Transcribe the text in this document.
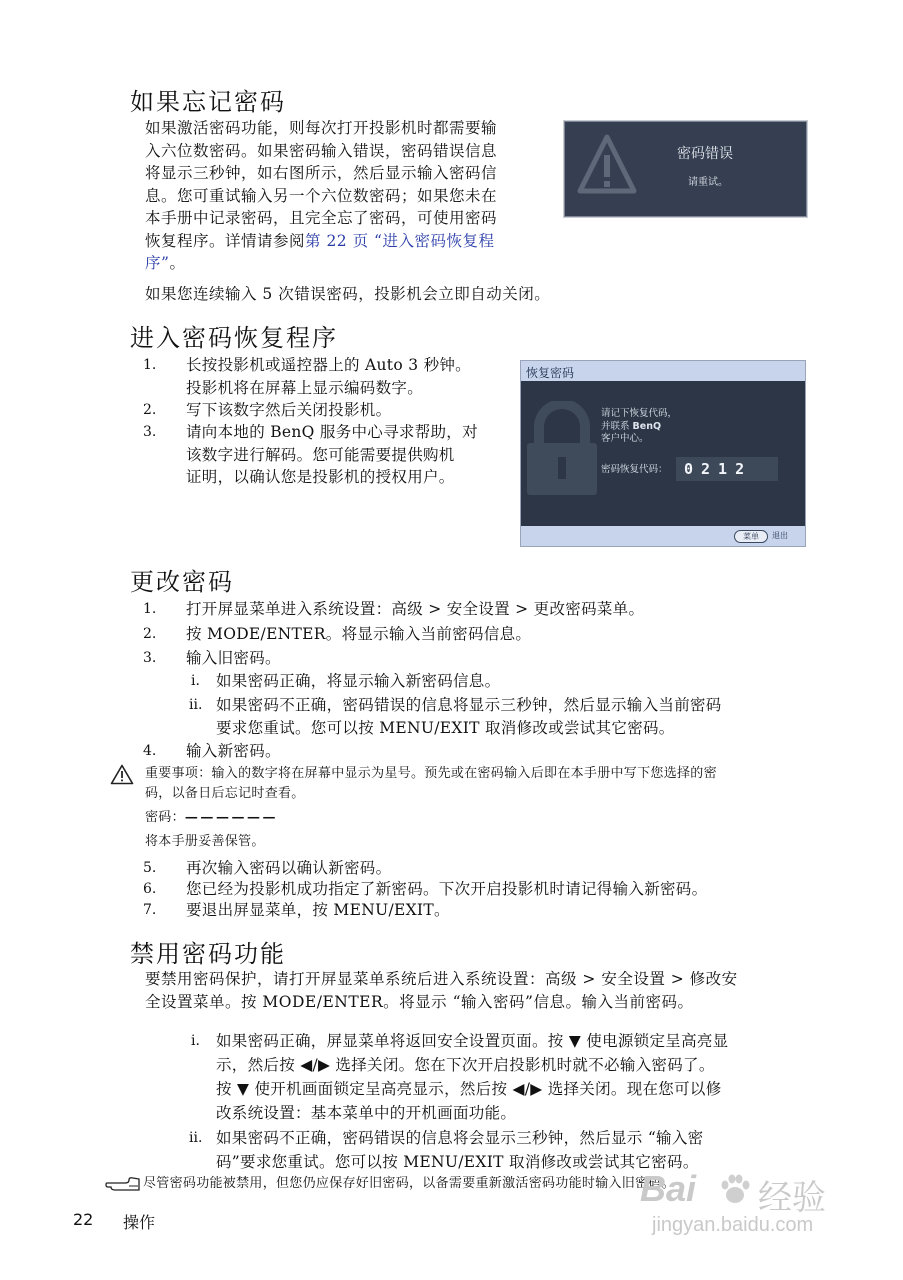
如果忘记密码

如果激活密码功能，则每次打开投影机时都需要输

入六位数密码。如果密码输入错误，密码错误信息

将显示三秒钟，如右图所示，然后显示输入密码信

息。您可重试输入另一个六位数密码；如果您未在

本手册中记录密码，且完全忘了密码，可使用密码

恢复程序。详情请参阅第 22 页 “进入密码恢复程

序”。

密码错误
请重试。
如果您连续输入 5 次错误密码，投影机会立即自动关闭。
进入密码恢复程序
1. 长按投影机或遥控器上的 Auto 3 秒钟。
投影机将在屏幕上显示编码数字。
2. 写下该数字然后关闭投影机。
3. 请向本地的 BenQ 服务中心寻求帮助，对
该数字进行解码。您可能需要提供购机
证明，以确认您是投影机的授权用户。
恢复密码
请记下恢复代码，
并联系 BenQ
客户中心。
密码恢复代码：	0212
菜单	退出
更改密码
1. 打开屏显菜单进入系统设置：高级 > 安全设置 > 更改密码菜单。
2. 按 MODE/ENTER。将显示输入当前密码信息。
3. 输入旧密码。
i. 如果密码正确，将显示输入新密码信息。
ii. 如果密码不正确，密码错误的信息将显示三秒钟，然后显示输入当前密码
要求您重试。您可以按 MENU/EXIT 取消修改或尝试其它密码。
4. 输入新密码。
重要事项：输入的数字将在屏幕中显示为星号。预先或在密码输入后即在本手册中写下您选择的密
码，以备日后忘记时查看。
密码：— — — — — —
将本手册妥善保管。
5. 再次输入密码以确认新密码。
6. 您已经为投影机成功指定了新密码。下次开启投影机时请记得输入新密码。
7. 要退出屏显菜单，按 MENU/EXIT。
禁用密码功能

要禁用密码保护，请打开屏显菜单系统后进入系统设置：高级 > 安全设置 > 修改安

全设置菜单。按 MODE/ENTER。将显示 “输入密码”信息。输入当前密码。

i. 如果密码正确，屏显菜单将返回安全设置页面。按 ▼ 使电源锁定呈高亮显
示，然后按 ◀/▶ 选择关闭。您在下次开启投影机时就不必输入密码了。
按 ▼ 使开机画面锁定呈高亮显示，然后按 ◀/▶ 选择关闭。现在您可以修
改系统设置：基本菜单中的开机画面功能。
ii. 如果密码不正确，密码错误的信息将会显示三秒钟，然后显示 “输入密
码”要求您重试。您可以按 MENU/EXIT 取消修改或尝试其它密码。
尽管密码功能被禁用，但您仍应保存好旧密码，以备需要重新激活密码功能时输入旧密码。
22 操作
Bai 经验
jingyan.baidu.com
